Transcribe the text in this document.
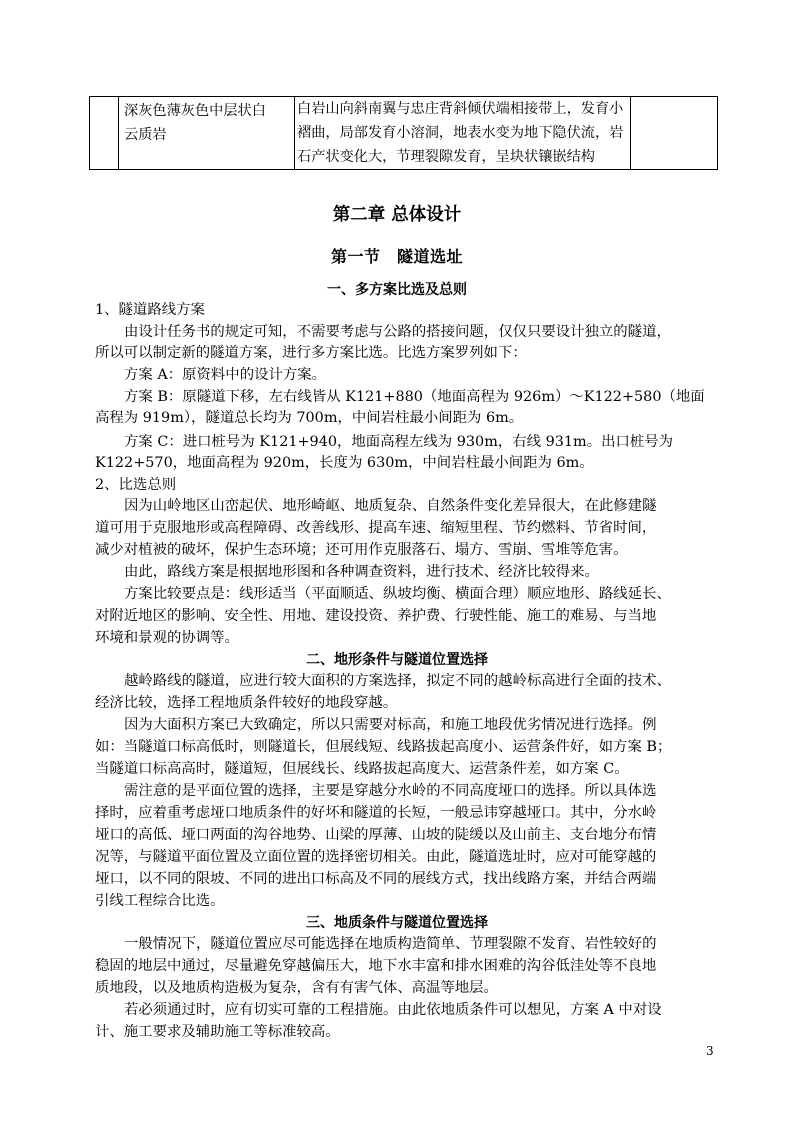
深灰色薄灰色中层状白
云质岩

白岩山向斜南翼与忠庄背斜倾伏端相接带上，发育小
褶曲，局部发育小溶洞，地表水变为地下隐伏流，岩
石产状变化大，节理裂隙发育，呈块状镶嵌结构

第二章 总体设计
第一节　隧道选址
一、多方案比选及总则
1、隧道路线方案
由设计任务书的规定可知，不需要考虑与公路的搭接问题，仅仅只要设计独立的隧道，
所以可以制定新的隧道方案，进行多方案比选。比选方案罗列如下：
方案 A：原资料中的设计方案。
方案 B：原隧道下移，左右线皆从 K121+880（地面高程为 926m）～K122+580（地面
高程为 919m），隧道总长均为 700m，中间岩柱最小间距为 6m。
方案 C：进口桩号为 K121+940，地面高程左线为 930m，右线 931m。出口桩号为
K122+570，地面高程为 920m，长度为 630m，中间岩柱最小间距为 6m。
2、比选总则
因为山岭地区山峦起伏、地形崎岖、地质复杂、自然条件变化差异很大，在此修建隧
道可用于克服地形或高程障碍、改善线形、提高车速、缩短里程、节约燃料、节省时间，
减少对植被的破坏，保护生态环境；还可用作克服落石、塌方、雪崩、雪堆等危害。
由此，路线方案是根据地形图和各种调查资料，进行技术、经济比较得来。
方案比较要点是：线形适当（平面顺适、纵坡均衡、横面合理）顺应地形、路线延长、
对附近地区的影响、安全性、用地、建设投资、养护费、行驶性能、施工的难易、与当地
环境和景观的协调等。
二、地形条件与隧道位置选择
越岭路线的隧道，应进行较大面积的方案选择，拟定不同的越岭标高进行全面的技术、
经济比较，选择工程地质条件较好的地段穿越。
因为大面积方案已大致确定，所以只需要对标高，和施工地段优劣情况进行选择。例
如：当隧道口标高低时，则隧道长，但展线短、线路拔起高度小、运营条件好，如方案 B；
当隧道口标高高时，隧道短，但展线长、线路拔起高度大、运营条件差，如方案 C。
需注意的是平面位置的选择，主要是穿越分水岭的不同高度垭口的选择。所以具体选
择时，应着重考虑垭口地质条件的好坏和隧道的长短，一般忌讳穿越垭口。其中，分水岭
垭口的高低、垭口两面的沟谷地势、山梁的厚薄、山坡的陡缓以及山前主、支台地分布情
况等，与隧道平面位置及立面位置的选择密切相关。由此，隧道选址时，应对可能穿越的
垭口，以不同的限坡、不同的进出口标高及不同的展线方式，找出线路方案，并结合两端
引线工程综合比选。
三、地质条件与隧道位置选择
一般情况下，隧道位置应尽可能选择在地质构造简单、节理裂隙不发育、岩性较好的
稳固的地层中通过，尽量避免穿越偏压大，地下水丰富和排水困难的沟谷低洼处等不良地
质地段，以及地质构造极为复杂，含有有害气体、高温等地层。
若必须通过时，应有切实可靠的工程措施。由此依地质条件可以想见，方案 A 中对设
计、施工要求及辅助施工等标准较高。
3
